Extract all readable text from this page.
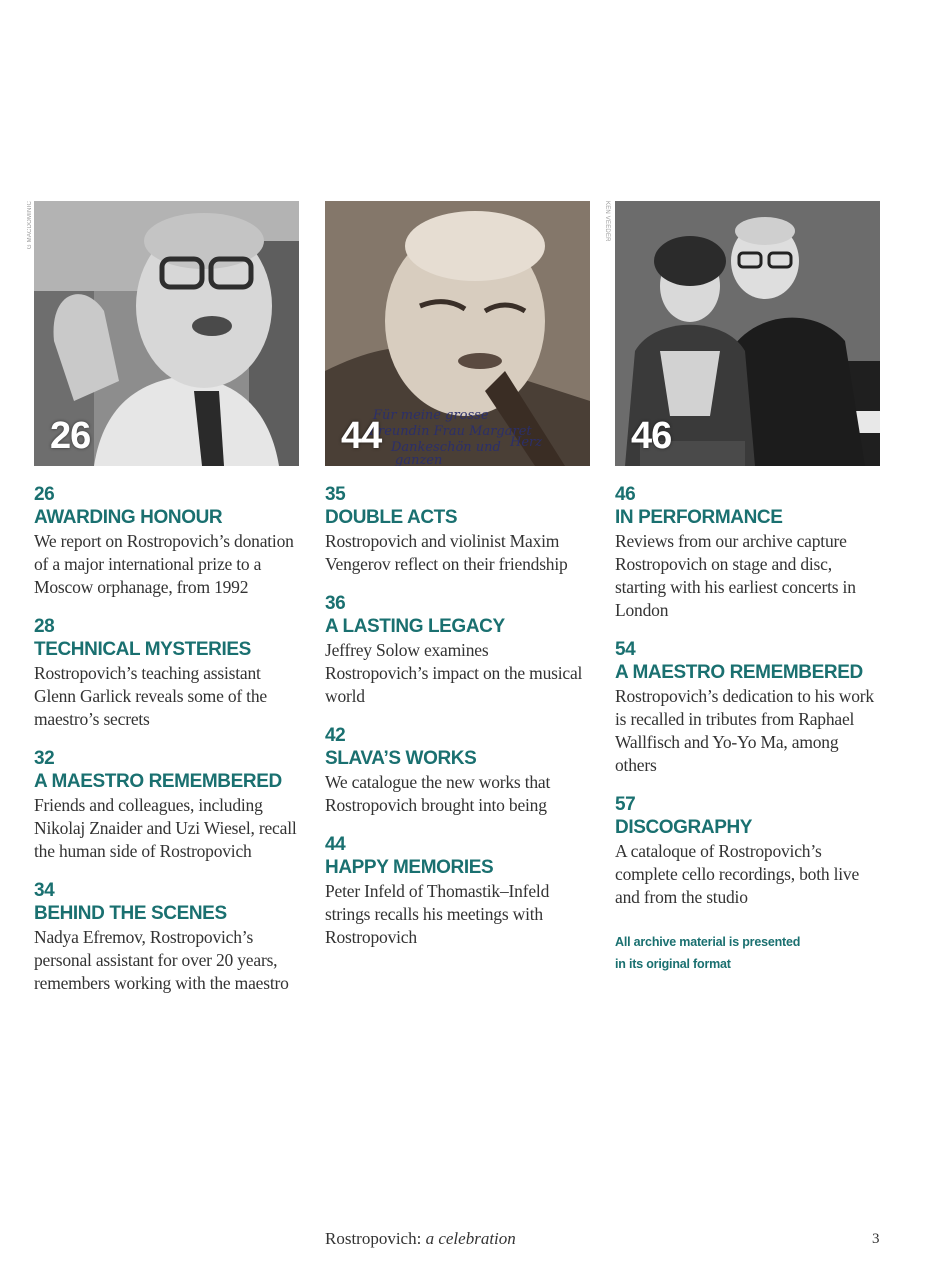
G MACDOMINIC	KEN VEEDER
26
26
AWARDING HONOUR
We report on Rostropovich’s donation of a major international prize to a Moscow orphanage, from 1992
28
TECHNICAL MYSTERIES
Rostropovich’s teaching assistant Glenn Garlick reveals some of the maestro’s secrets
32
A MAESTRO REMEMBERED
Friends and colleagues, including Nikolaj Znaider and Uzi Wiesel, recall the human side of Rostropovich
34
BEHIND THE SCENES
Nadya Efremov, Rostropovich’s personal assistant for over 20 years, remembers working with the maestro
Für meine grosse
Freundin Frau Margaret
Dankeschön und
ganzen
Herz
44
35
DOUBLE ACTS
Rostropovich and violinist Maxim Vengerov reflect on their friendship
36
A LASTING LEGACY
Jeffrey Solow examines Rostropovich’s impact on the musical world
42
SLAVA’S WORKS
We catalogue the new works that Rostropovich brought into being
44
HAPPY MEMORIES
Peter Infeld of Thomastik–Infeld strings recalls his meetings with Rostropovich
46
46
IN PERFORMANCE
Reviews from our archive capture Rostropovich on stage and disc, starting with his earliest concerts in London
54
A MAESTRO REMEMBERED
Rostropovich’s dedication to his work is recalled in tributes from Raphael Wallfisch and Yo-Yo Ma, among others
57
DISCOGRAPHY
A cataloque of Rostropovich’s complete cello recordings, both live and from the studio
All archive material is presented
in its original format
Rostropovich: a celebration	3
